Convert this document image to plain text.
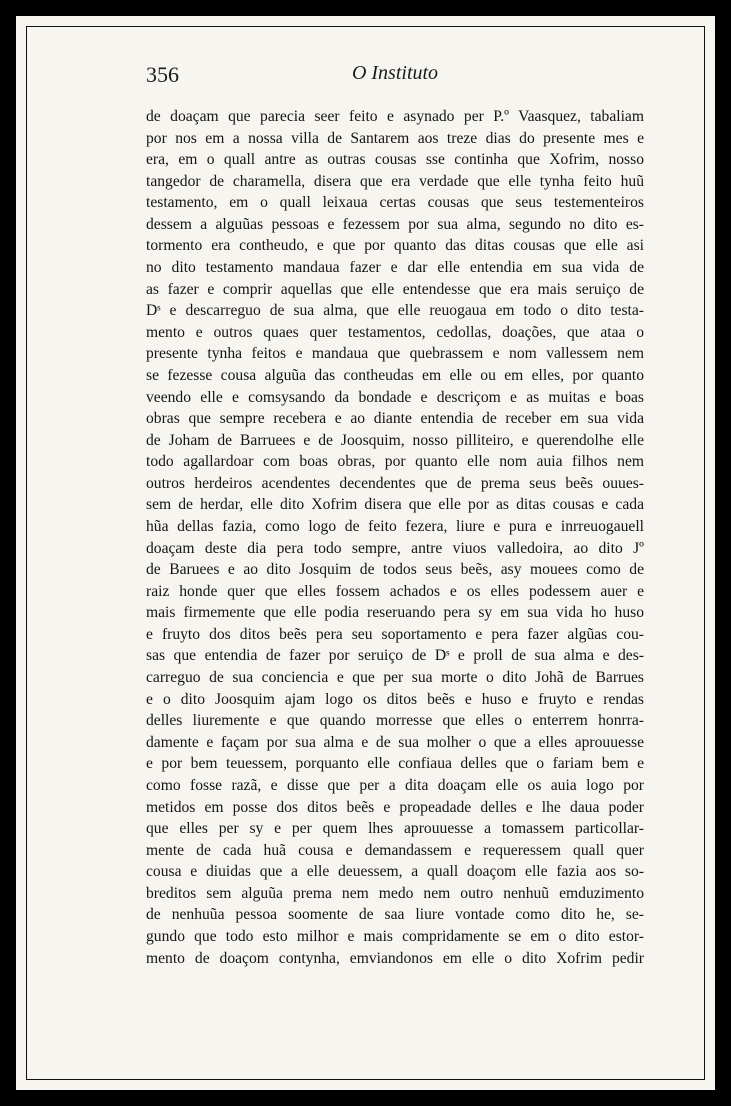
356	O Instituto
de doaçam que parecia seer feito e asynado per P.º Vaasquez, tabaliam
por nos em a nossa villa de Santarem aos treze dias do presente mes e
era, em o quall antre as outras cousas sse continha que Xofrim, nosso
tangedor de charamella, disera que era verdade que elle tynha feito huũ
testamento, em o quall leixaua certas cousas que seus testementeiros
dessem a alguũas pessoas e fezessem por sua alma, segundo no dito es-
tormento era contheudo, e que por quanto das ditas cousas que elle asi
no dito testamento mandaua fazer e dar elle entendia em sua vida de
as fazer e comprir aquellas que elle entendesse que era mais seruiço de
Dˢ e descarreguo de sua alma, que elle reuogaua em todo o dito testa-
mento e outros quaes quer testamentos, cedollas, doações, que ataa o
presente tynha feitos e mandaua que quebrassem e nom vallessem nem
se fezesse cousa alguũa das contheudas em elle ou em elles, por quanto
veendo elle e comsysando da bondade e descriçom e as muitas e boas
obras que sempre recebera e ao diante entendia de receber em sua vida
de Joham de Barruees e de Joosquim, nosso pilliteiro, e querendolhe elle
todo agallardoar com boas obras, por quanto elle nom auia filhos nem
outros herdeiros acendentes decendentes que de prema seus beẽs ouues-
sem de herdar, elle dito Xofrim disera que elle por as ditas cousas e cada
hũa dellas fazia, como logo de feito fezera, liure e pura e inrreuogauell
doaçam deste dia pera todo sempre, antre viuos valledoira, ao dito Jº
de Baruees e ao dito Josquim de todos seus beẽs, asy mouees como de
raiz honde quer que elles fossem achados e os elles podessem auer e
mais firmemente que elle podia reseruando pera sy em sua vida ho huso
e fruyto dos ditos beẽs pera seu soportamento e pera fazer algũas cou-
sas que entendia de fazer por seruiço de Dˢ e proll de sua alma e des-
carreguo de sua conciencia e que per sua morte o dito Johã de Barrues
e o dito Joosquim ajam logo os ditos beẽs e huso e fruyto e rendas
delles liuremente e que quando morresse que elles o enterrem honrra-
damente e façam por sua alma e de sua molher o que a elles aprouuesse
e por bem teuessem, porquanto elle confiaua delles que o fariam bem e
como fosse razã, e disse que per a dita doaçam elle os auia logo por
metidos em posse dos ditos beẽs e propeadade delles e lhe daua poder
que elles per sy e per quem lhes aprouuesse a tomassem particollar-
mente de cada huã cousa e demandassem e requeressem quall quer
cousa e diuidas que a elle deuessem, a quall doaçom elle fazia aos so-
breditos sem alguũa prema nem medo nem outro nenhuũ emduzimento
de nenhuũa pessoa soomente de saa liure vontade como dito he, se-
gundo que todo esto milhor e mais compridamente se em o dito estor-
mento de doaçom contynha, emviandonos em elle o dito Xofrim pedir
